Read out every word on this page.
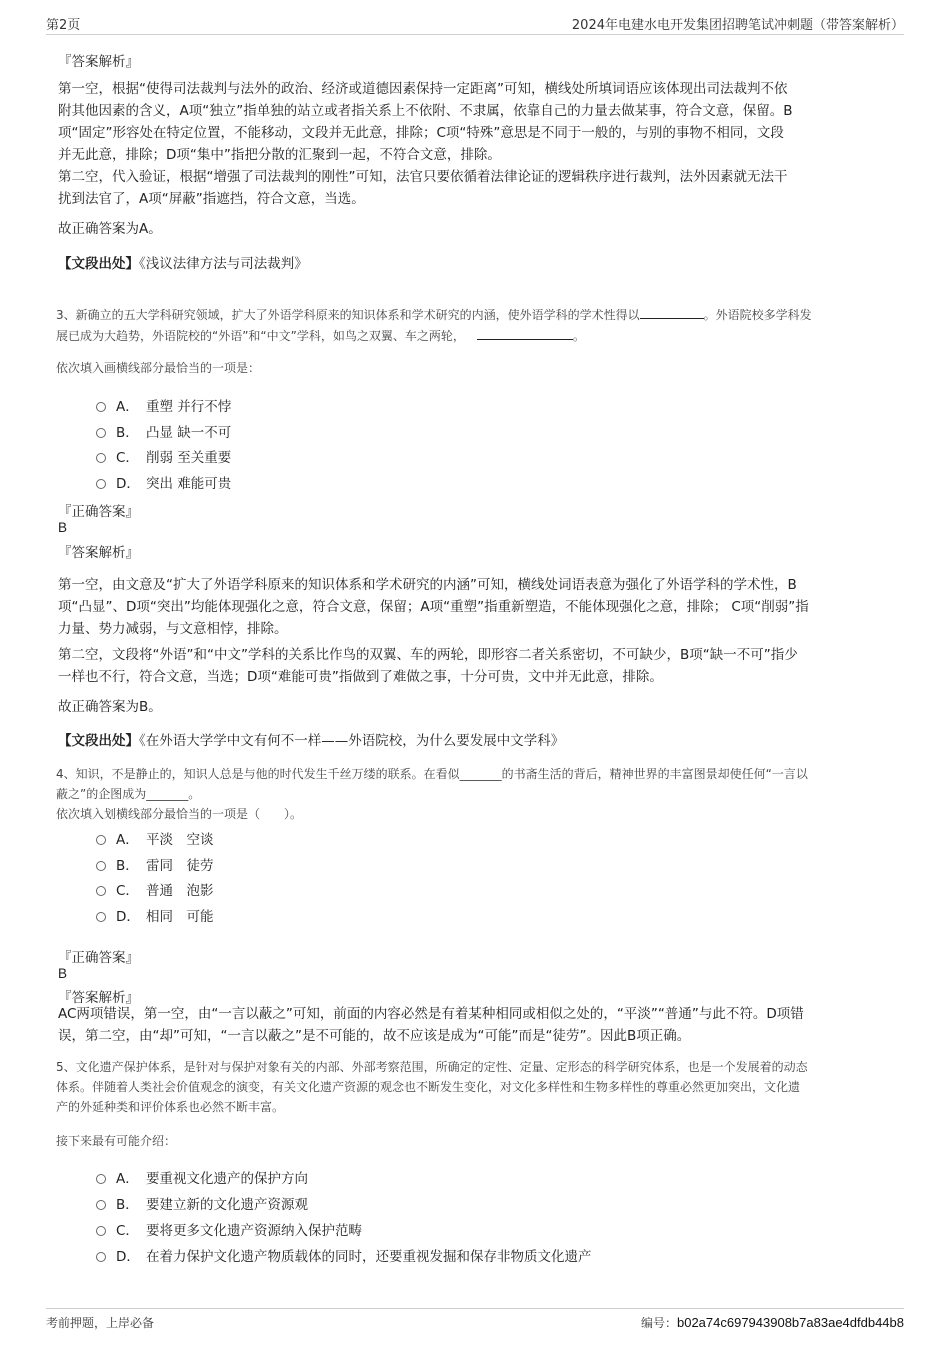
第2页	2024年电建水电开发集团招聘笔试冲刺题（带答案解析）
『答案解析』
第一空，根据“使得司法裁判与法外的政治、经济或道德因素保持一定距离”可知，横线处所填词语应该体现出司法裁判不依
附其他因素的含义，A项“独立”指单独的站立或者指关系上不依附、不隶属，依靠自己的力量去做某事，符合文意，保留。B
项“固定”形容处在特定位置，不能移动，文段并无此意，排除；C项“特殊”意思是不同于一般的，与别的事物不相同，文段
并无此意，排除；D项“集中”指把分散的汇聚到一起，不符合文意，排除。
第二空，代入验证，根据“增强了司法裁判的刚性”可知，法官只要依循着法律论证的逻辑秩序进行裁判，法外因素就无法干
扰到法官了，A项“屏蔽”指遮挡，符合文意，当选。
故正确答案为A。
【文段出处】《浅议法律方法与司法裁判》
3、新确立的五大学科研究领域，扩大了外语学科原来的知识体系和学术研究的内涵，使外语学科的学术性得以	。外语院校多学科发
展已成为大趋势，外语院校的“外语”和“中文”学科，如鸟之双翼、车之两轮，	。
依次填入画横线部分最恰当的一项是：
A． 重塑 并行不悖
B． 凸显 缺一不可
C． 削弱 至关重要
D． 突出 难能可贵
『正确答案』
B
『答案解析』
第一空，由文意及“扩大了外语学科原来的知识体系和学术研究的内涵”可知，横线处词语表意为强化了外语学科的学术性，B
项“凸显”、D项“突出”均能体现强化之意，符合文意，保留；A项“重塑”指重新塑造，不能体现强化之意，排除； C项“削弱”指
力量、势力减弱，与文意相悖，排除。
第二空，文段将“外语”和“中文”学科的关系比作鸟的双翼、车的两轮，即形容二者关系密切，不可缺少，B项“缺一不可”指少
一样也不行，符合文意，当选；D项“难能可贵”指做到了难做之事，十分可贵，文中并无此意，排除。
故正确答案为B。
【文段出处】《在外语大学学中文有何不一样——外语院校，为什么要发展中文学科》
4、知识，不是静止的，知识人总是与他的时代发生千丝万缕的联系。在看似_______的书斋生活的背后，精神世界的丰富图景却使任何“一言以
蔽之”的企图成为_______。
依次填入划横线部分最恰当的一项是（　　）。
A． 平淡　空谈
B． 雷同　徒劳
C． 普通　泡影
D． 相同　可能
『正确答案』
B
『答案解析』
AC两项错误，第一空，由“一言以蔽之”可知，前面的内容必然是有着某种相同或相似之处的，“平淡”“普通”与此不符。D项错
误，第二空，由“却”可知，“一言以蔽之”是不可能的，故不应该是成为“可能”而是“徒劳”。因此B项正确。
5、文化遗产保护体系，是针对与保护对象有关的内部、外部考察范围，所确定的定性、定量、定形态的科学研究体系，也是一个发展着的动态
体系。伴随着人类社会价值观念的演变，有关文化遗产资源的观念也不断发生变化，对文化多样性和生物多样性的尊重必然更加突出，文化遗
产的外延种类和评价体系也必然不断丰富。
接下来最有可能介绍：
A． 要重视文化遗产的保护方向
B． 要建立新的文化遗产资源观
C． 要将更多文化遗产资源纳入保护范畴
D． 在着力保护文化遗产物质载体的同时，还要重视发掘和保存非物质文化遗产
考前押题，上岸必备	编号：b02a74c697943908b7a83ae4dfdb44b8
